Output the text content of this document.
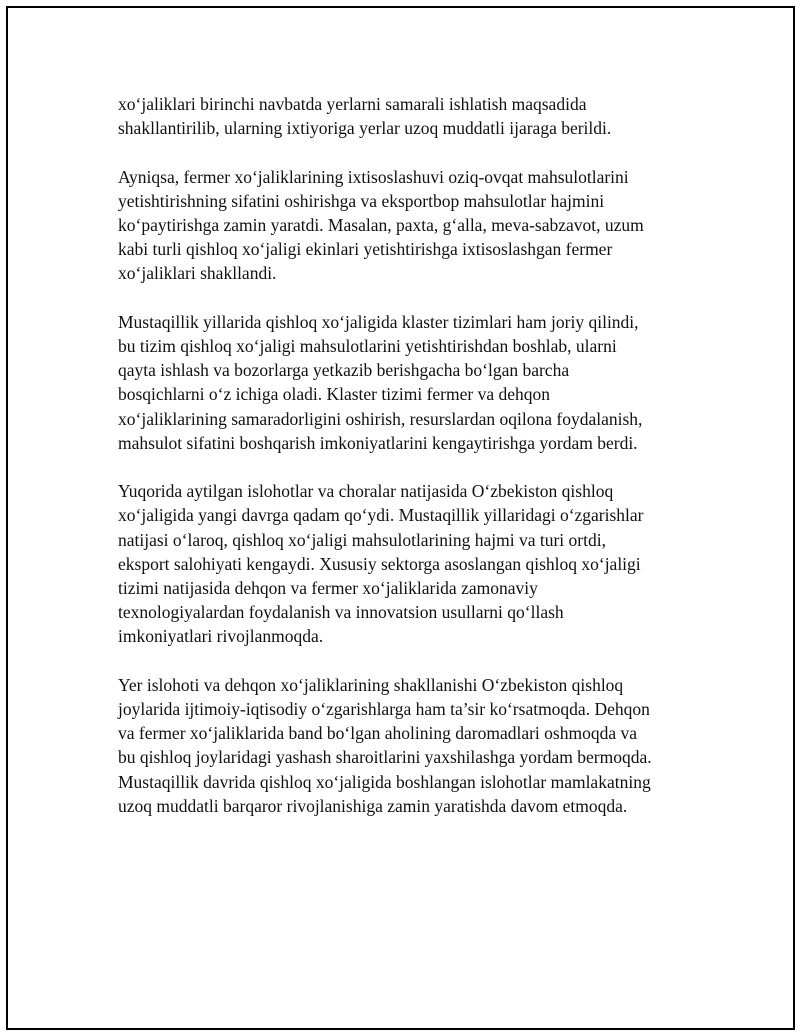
xo‘jaliklari birinchi navbatda yerlarni samarali ishlatish maqsadida
shakllantirilib, ularning ixtiyoriga yerlar uzoq muddatli ijaraga berildi.

Ayniqsa, fermer xo‘jaliklarining ixtisoslashuvi oziq-ovqat mahsulotlarini
yetishtirishning sifatini oshirishga va eksportbop mahsulotlar hajmini
ko‘paytirishga zamin yaratdi. Masalan, paxta, g‘alla, meva-sabzavot, uzum
kabi turli qishloq xo‘jaligi ekinlari yetishtirishga ixtisoslashgan fermer
xo‘jaliklari shakllandi.

Mustaqillik yillarida qishloq xo‘jaligida klaster tizimlari ham joriy qilindi,
bu tizim qishloq xo‘jaligi mahsulotlarini yetishtirishdan boshlab, ularni
qayta ishlash va bozorlarga yetkazib berishgacha bo‘lgan barcha
bosqichlarni o‘z ichiga oladi. Klaster tizimi fermer va dehqon
xo‘jaliklarining samaradorligini oshirish, resurslardan oqilona foydalanish,
mahsulot sifatini boshqarish imkoniyatlarini kengaytirishga yordam berdi.

Yuqorida aytilgan islohotlar va choralar natijasida O‘zbekiston qishloq
xo‘jaligida yangi davrga qadam qo‘ydi. Mustaqillik yillaridagi o‘zgarishlar
natijasi o‘laroq, qishloq xo‘jaligi mahsulotlarining hajmi va turi ortdi,
eksport salohiyati kengaydi. Xususiy sektorga asoslangan qishloq xo‘jaligi
tizimi natijasida dehqon va fermer xo‘jaliklarida zamonaviy
texnologiyalardan foydalanish va innovatsion usullarni qo‘llash
imkoniyatlari rivojlanmoqda.

Yer islohoti va dehqon xo‘jaliklarining shakllanishi O‘zbekiston qishloq
joylarida ijtimoiy-iqtisodiy o‘zgarishlarga ham ta’sir ko‘rsatmoqda. Dehqon
va fermer xo‘jaliklarida band bo‘lgan aholining daromadlari oshmoqda va
bu qishloq joylaridagi yashash sharoitlarini yaxshilashga yordam bermoqda.
Mustaqillik davrida qishloq xo‘jaligida boshlangan islohotlar mamlakatning
uzoq muddatli barqaror rivojlanishiga zamin yaratishda davom etmoqda.
